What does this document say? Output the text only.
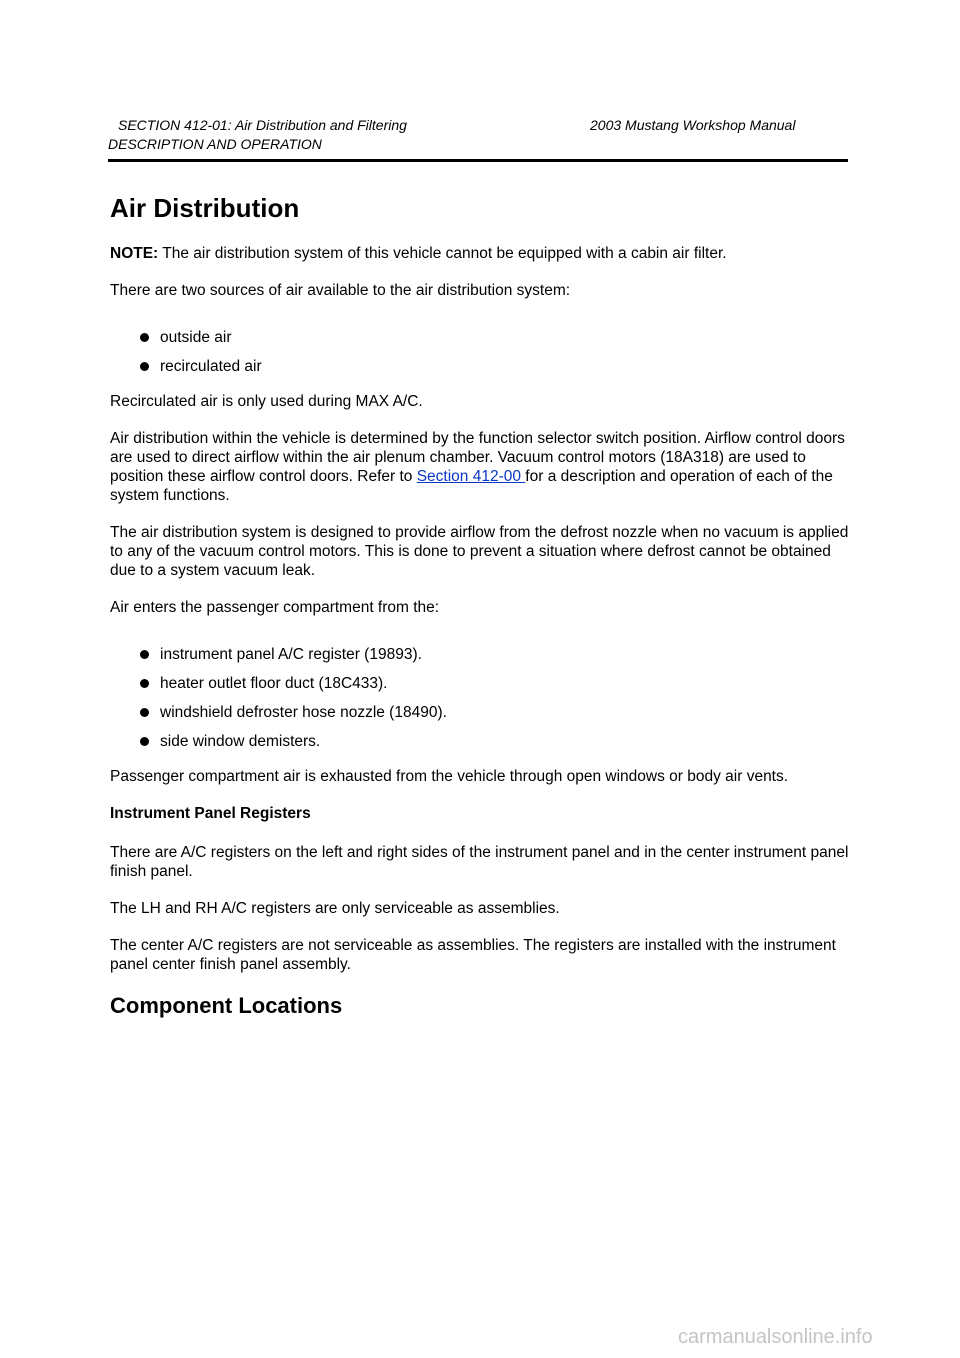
SECTION 412-01: Air Distribution and Filtering	2003 Mustang Workshop Manual
DESCRIPTION AND OPERATION
Air Distribution

NOTE: The air distribution system of this vehicle cannot be equipped with a cabin air filter.

There are two sources of air available to the air distribution system:

outside air
recirculated air

Recirculated air is only used during MAX A/C.

Air distribution within the vehicle is determined by the function selector switch position. Airflow control doors are used to direct airflow within the air plenum chamber. Vacuum control motors (18A318) are used to position these airflow control doors. Refer to Section 412-00 for a description and operation of each of the system functions.

The air distribution system is designed to provide airflow from the defrost nozzle when no vacuum is applied to any of the vacuum control motors. This is done to prevent a situation where defrost cannot be obtained due to a system vacuum leak.

Air enters the passenger compartment from the:

instrument panel A/C register (19893).
heater outlet floor duct (18C433).
windshield defroster hose nozzle (18490).
side window demisters.

Passenger compartment air is exhausted from the vehicle through open windows or body air vents.

Instrument Panel Registers

There are A/C registers on the left and right sides of the instrument panel and in the center instrument panel finish panel.

The LH and RH A/C registers are only serviceable as assemblies.

The center A/C registers are not serviceable as assemblies. The registers are installed with the instrument panel center finish panel assembly.

Component Locations
carmanualsonline.info
